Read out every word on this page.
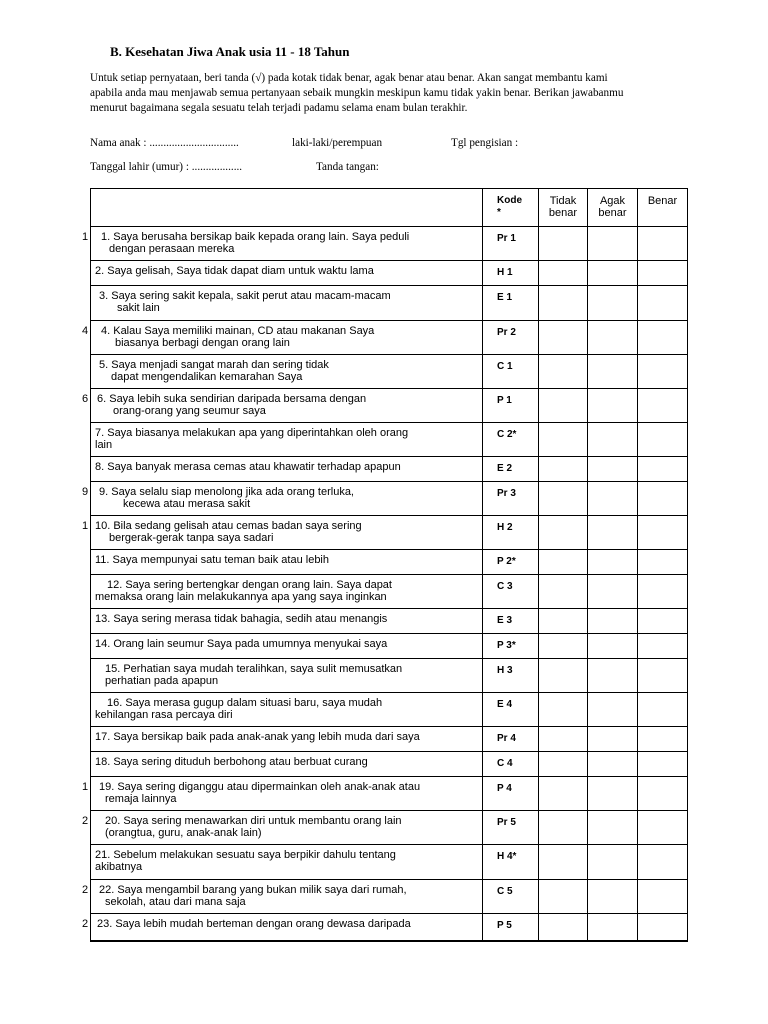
B. Kesehatan Jiwa Anak usia 11 - 18 Tahun
Untuk setiap pernyataan, beri tanda (√) pada kotak tidak benar, agak benar atau benar. Akan sangat membantu kami apabila anda mau menjawab semua pertanyaan sebaik mungkin meskipun kamu tidak yakin benar. Berikan jawabanmu menurut bagaimana segala sesuatu telah terjadi padamu selama enam bulan terakhir.
Nama anak : ................................	laki-laki/perempuan	Tgl pengisian :
Tanggal lahir (umur) : ..................	Tanda tangan:
1
4
6
9
1
1
2
2
2

	Kode
*	Tidak benar	Agak benar	Benar

1. Saya berusaha bersikap baik kepada orang lain. Saya peduli
dengan perasaan mereka	Pr 1			

2. Saya gelisah, Saya tidak dapat diam untuk waktu lama	H 1			

3. Saya sering sakit kepala, sakit perut atau macam-macam
sakit lain	E 1			

4. Kalau Saya memiliki mainan, CD atau makanan Saya
biasanya berbagi dengan orang lain	Pr 2			

5. Saya menjadi sangat marah dan sering tidak
dapat mengendalikan kemarahan Saya	C 1			

6. Saya lebih suka sendirian daripada bersama dengan
orang-orang yang seumur saya	P 1			

7. Saya biasanya melakukan apa yang diperintahkan oleh orang
lain	C 2*			

8. Saya banyak merasa cemas atau khawatir terhadap apapun	E 2			

9. Saya selalu siap menolong jika ada orang terluka,
kecewa atau merasa sakit	Pr 3			

10. Bila sedang gelisah atau cemas badan saya sering
bergerak-gerak tanpa saya sadari	H 2			

11. Saya mempunyai satu teman baik atau lebih	P 2*			

12. Saya sering bertengkar dengan orang lain. Saya dapat
memaksa orang lain melakukannya apa yang saya inginkan	C 3			

13. Saya sering merasa tidak bahagia, sedih atau menangis	E 3			

14. Orang lain seumur Saya pada umumnya menyukai saya	P 3*			

15. Perhatian saya mudah teralihkan, saya sulit memusatkan
perhatian pada apapun	H 3			

16. Saya merasa gugup dalam situasi baru, saya mudah
kehilangan rasa percaya diri	E 4			

17. Saya bersikap baik pada anak-anak yang lebih muda dari saya	Pr 4			

18. Saya sering dituduh berbohong atau berbuat curang	C 4			

19. Saya sering diganggu atau dipermainkan oleh anak-anak atau
remaja lainnya	P 4			

20. Saya sering menawarkan diri untuk membantu orang lain
(orangtua, guru, anak-anak lain)	Pr 5			

21. Sebelum melakukan sesuatu saya berpikir dahulu tentang
akibatnya	H 4*			

22. Saya mengambil barang yang bukan milik saya dari rumah,
sekolah, atau dari mana saja	C 5			

23. Saya lebih mudah berteman dengan orang dewasa daripada	P 5			
